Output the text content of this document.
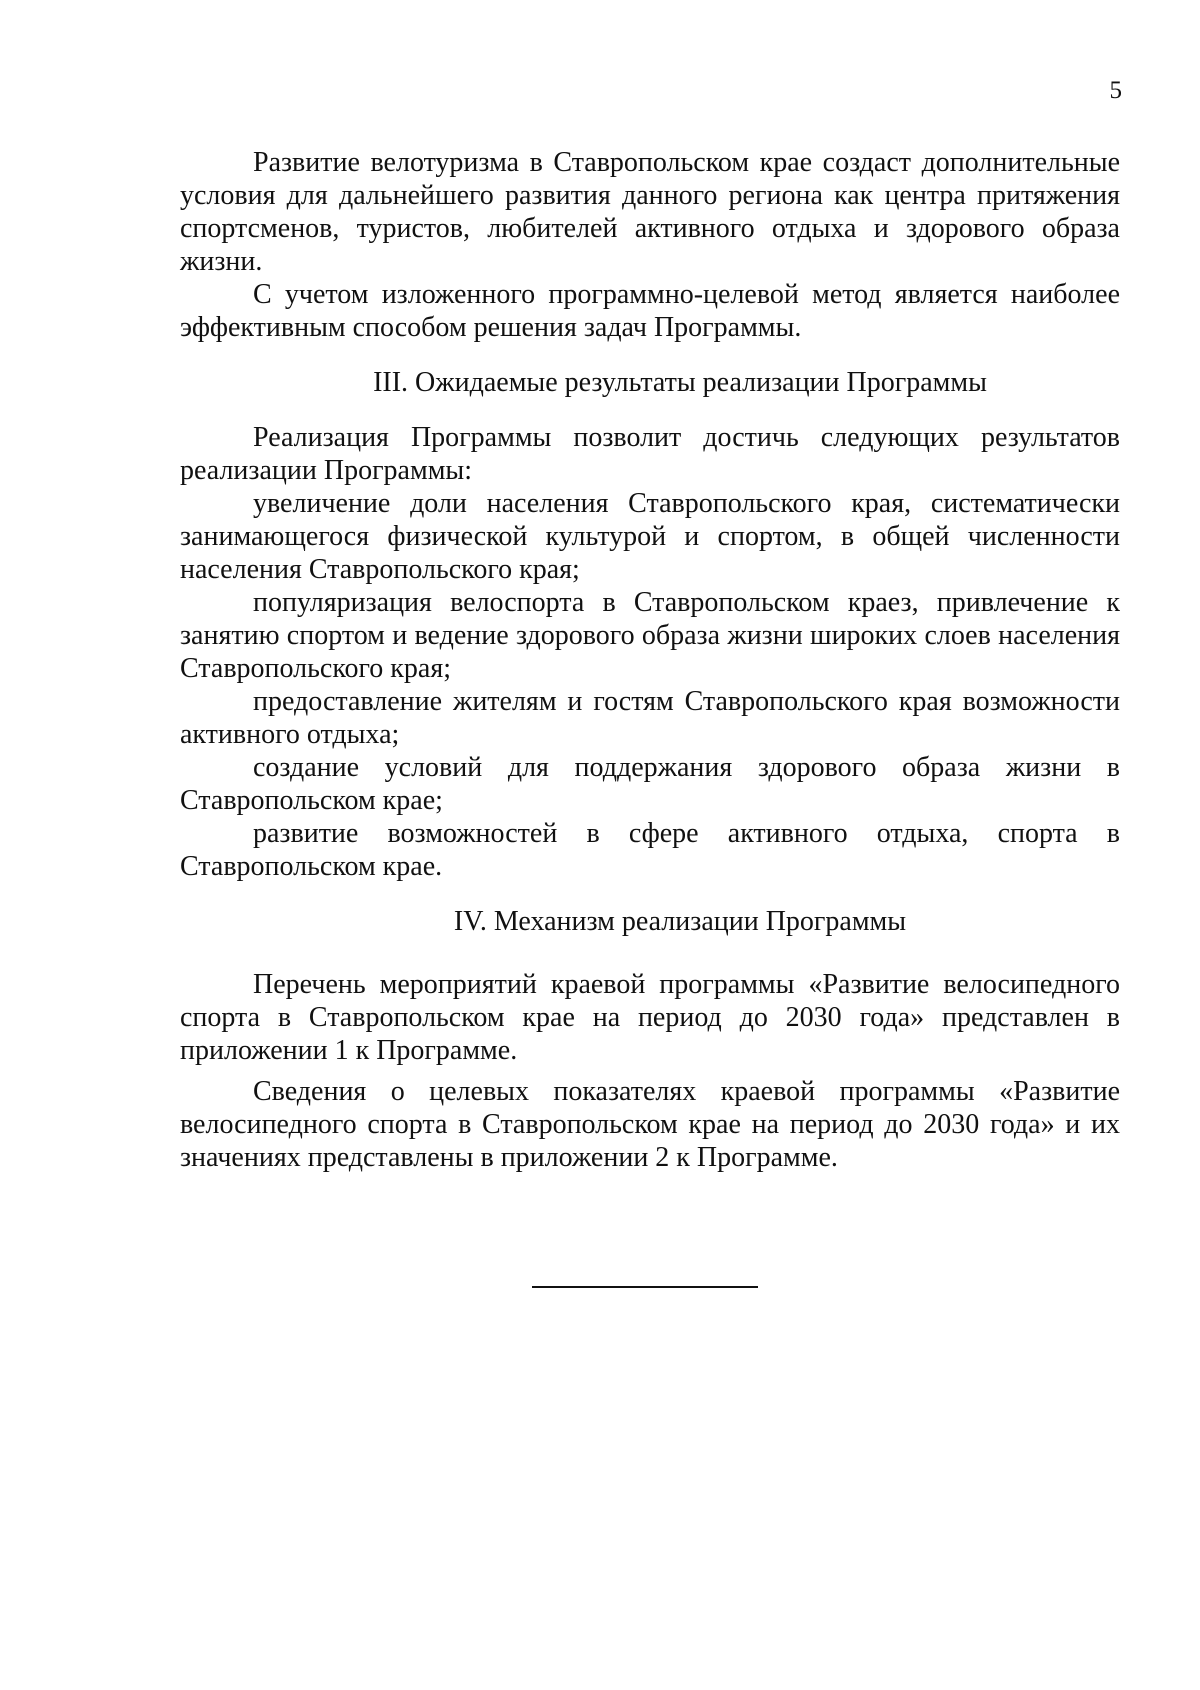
5

Развитие велотуризма в Ставропольском крае создаст дополнительные условия для дальнейшего развития данного региона как центра притяжения спортсменов, туристов, любителей активного отдыха и здорового образа жизни.

С учетом изложенного программно-целевой метод является наиболее эффективным способом решения задач Программы.

III. Ожидаемые результаты реализации Программы

Реализация Программы позволит достичь следующих результатов реализации Программы:

увеличение доли населения Ставропольского края, систематически занимающегося физической культурой и спортом, в общей численности населения Ставропольского края;

популяризация велоспорта в Ставропольском краез, привлечение к занятию спортом и ведение здорового образа жизни широких слоев населения Ставропольского края;

предоставление жителям и гостям Ставропольского края возможности активного отдыха;

создание условий для поддержания здорового образа жизни в Ставропольском крае;

развитие возможностей в сфере активного отдыха, спорта в Ставропольском крае.

IV. Механизм реализации Программы

Перечень мероприятий краевой программы «Развитие велосипедного спорта в Ставропольском крае на период до 2030 года» представлен в приложении 1 к Программе.

Сведения о целевых показателях краевой программы «Развитие велосипедного спорта в Ставропольском крае на период до 2030 года» и их значениях представлены в приложении 2 к Программе.
